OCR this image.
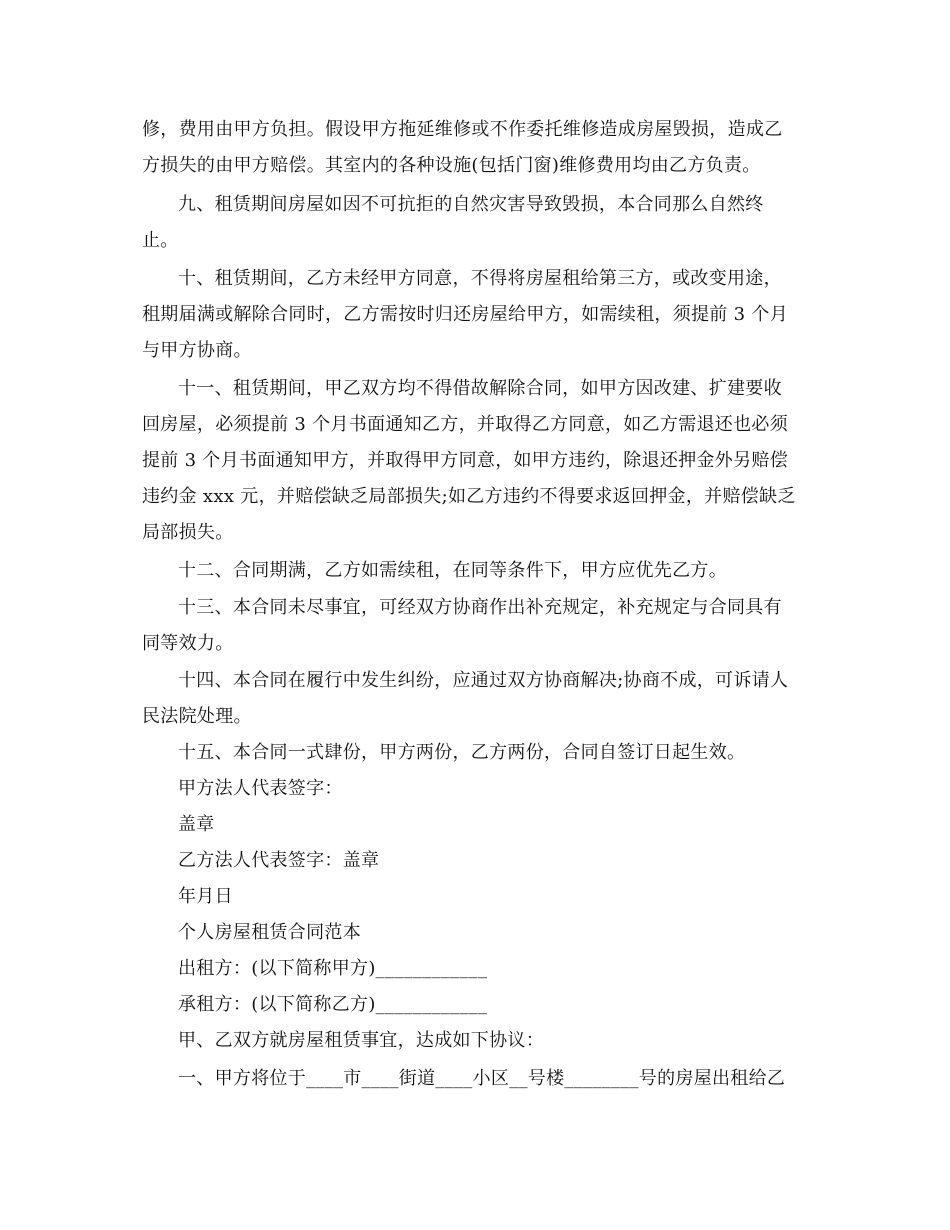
修，费用由甲方负担。假设甲方拖延维修或不作委托维修造成房屋毁损，造成乙
方损失的由甲方赔偿。其室内的各种设施(包括门窗)维修费用均由乙方负责。
九、租赁期间房屋如因不可抗拒的自然灾害导致毁损，本合同那么自然终
止。
十、租赁期间，乙方未经甲方同意，不得将房屋租给第三方，或改变用途，
租期届满或解除合同时，乙方需按时归还房屋给甲方，如需续租，须提前 3 个月
与甲方协商。
十一、租赁期间，甲乙双方均不得借故解除合同，如甲方因改建、扩建要收
回房屋，必须提前 3 个月书面通知乙方，并取得乙方同意，如乙方需退还也必须
提前 3 个月书面通知甲方，并取得甲方同意，如甲方违约，除退还押金外另赔偿
违约金 xxx 元，并赔偿缺乏局部损失;如乙方违约不得要求返回押金，并赔偿缺乏
局部损失。
十二、合同期满，乙方如需续租，在同等条件下，甲方应优先乙方。
十三、本合同未尽事宜，可经双方协商作出补充规定，补充规定与合同具有
同等效力。
十四、本合同在履行中发生纠纷，应通过双方协商解决;协商不成，可诉请人
民法院处理。
十五、本合同一式肆份，甲方两份，乙方两份，合同自签订日起生效。
甲方法人代表签字：
盖章
乙方法人代表签字：盖章
年月日
个人房屋租赁合同范本
出租方：(以下简称甲方)____________
承租方：(以下简称乙方)____________
甲、乙双方就房屋租赁事宜，达成如下协议：
一、甲方将位于____市____街道____小区__号楼________号的房屋出租给乙
